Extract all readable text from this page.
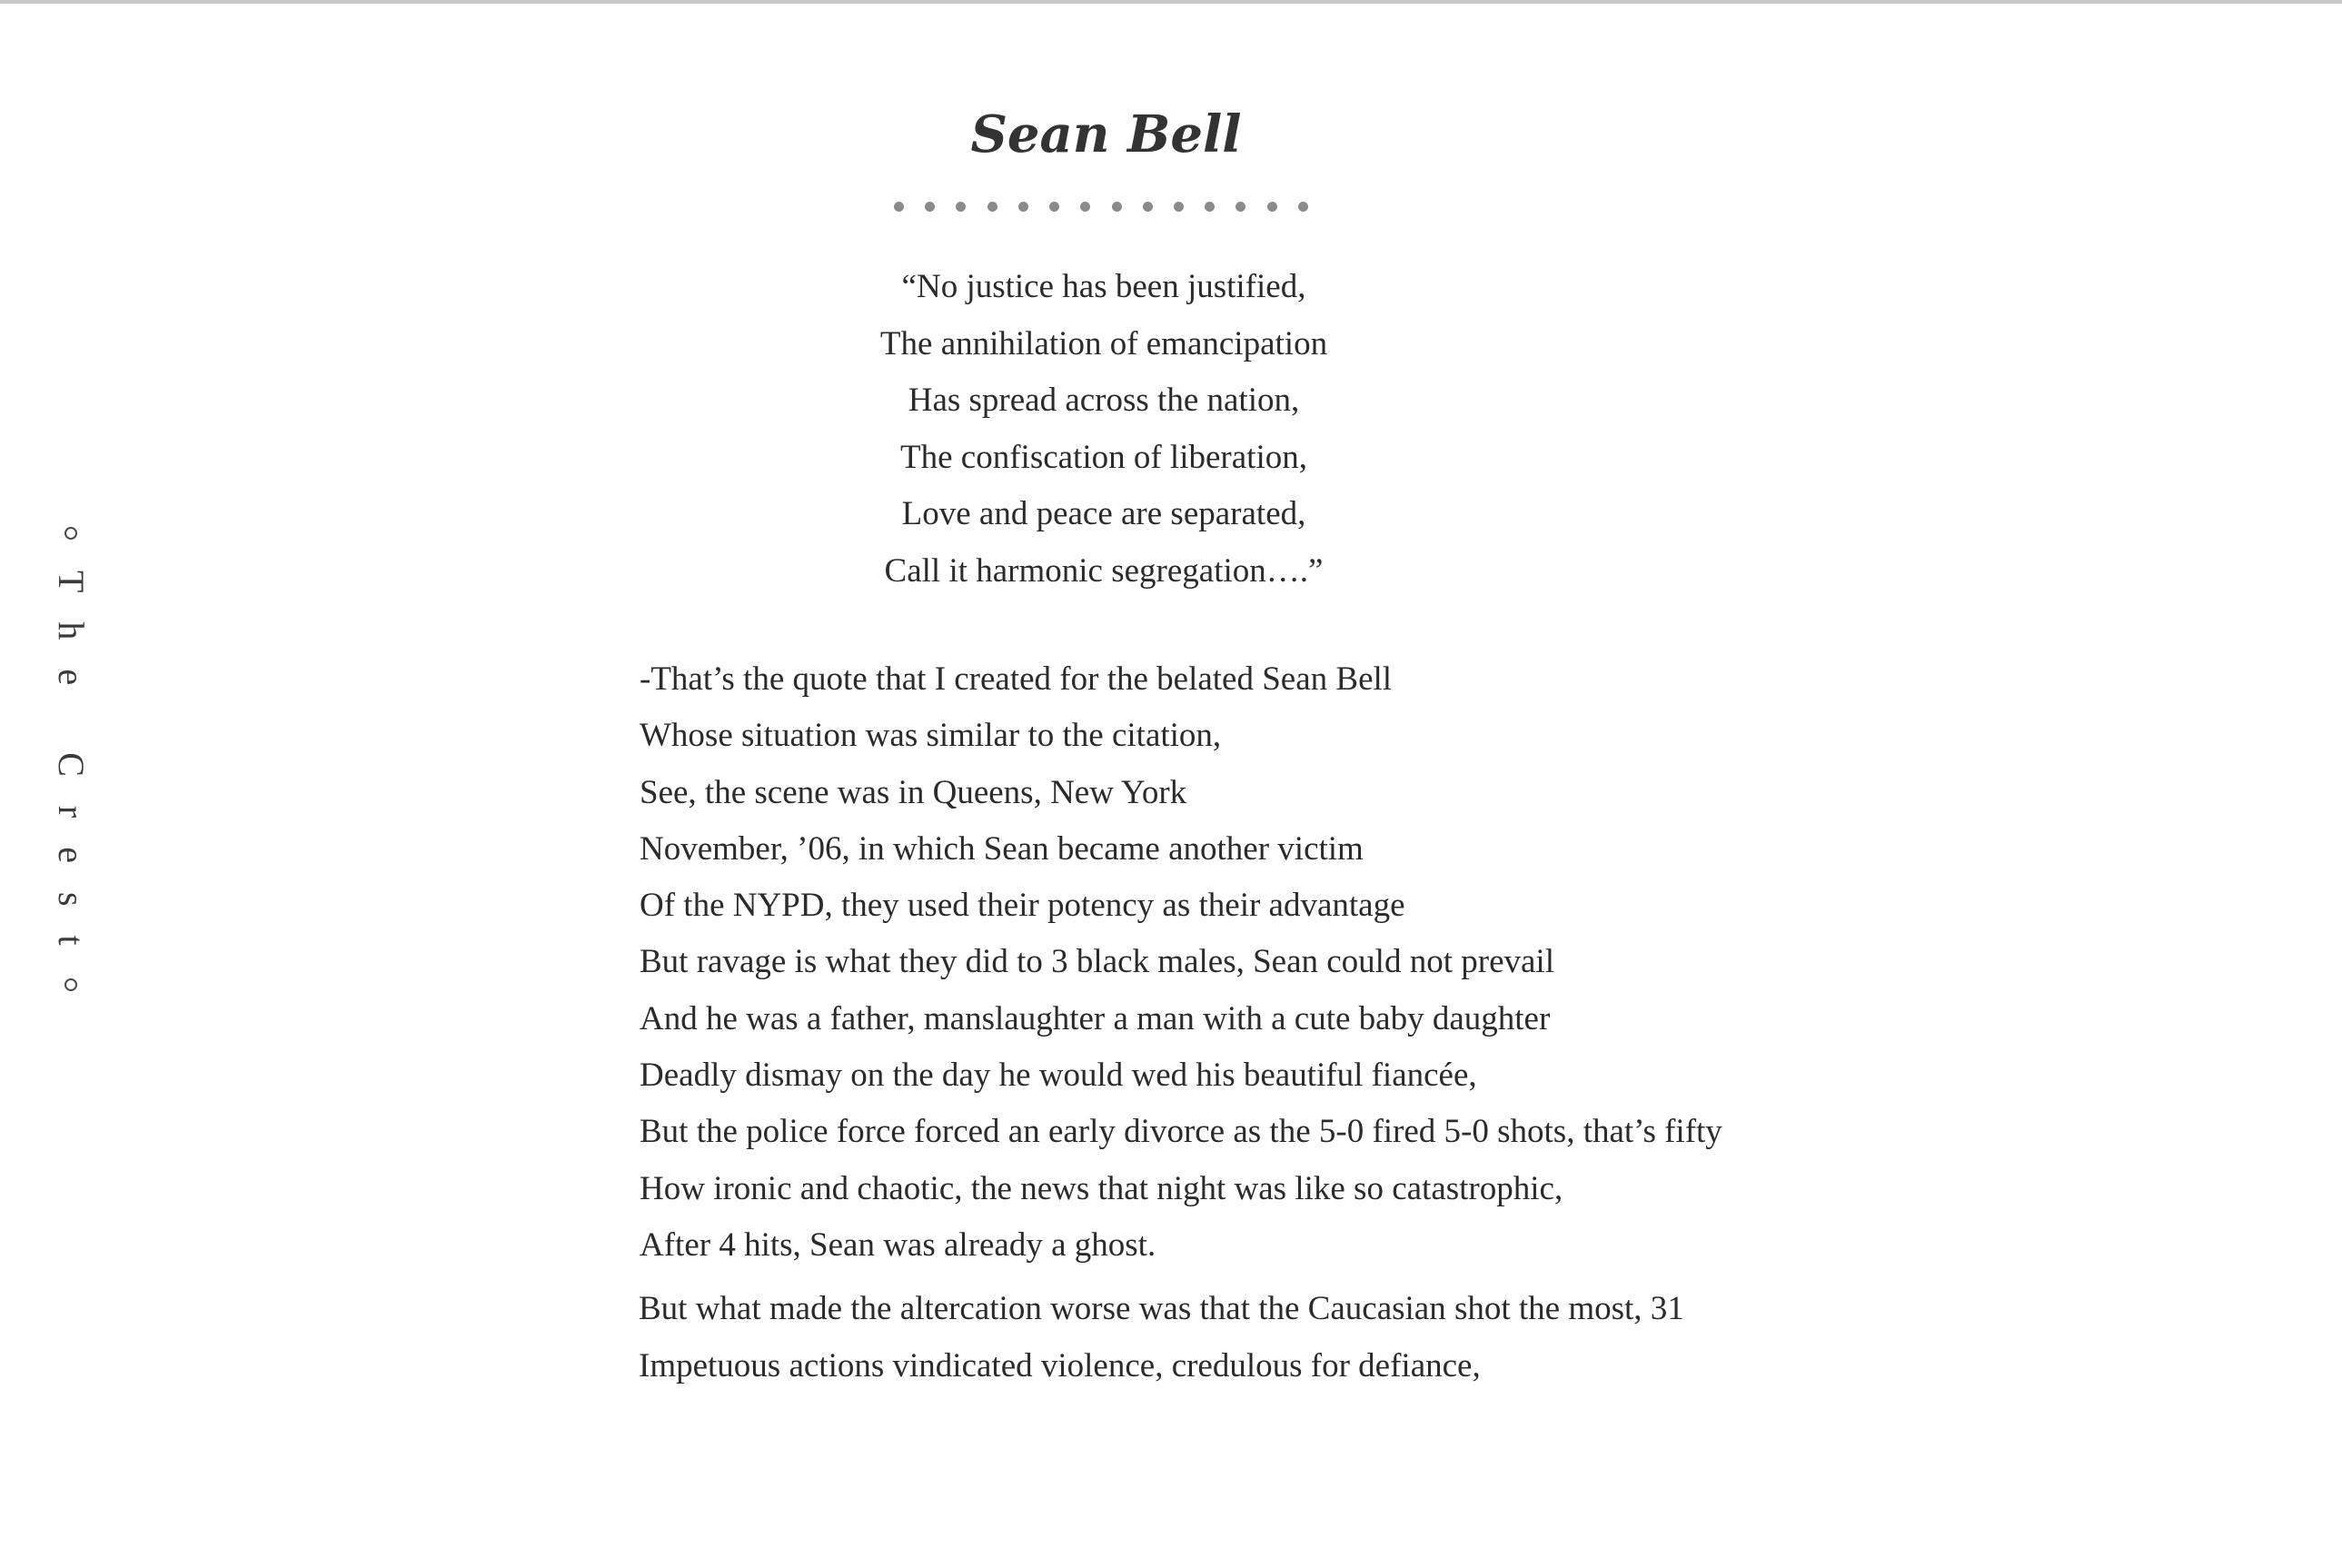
The Crest
Sean Bell
“No justice has been justified,
The annihilation of emancipation
Has spread across the nation,
The confiscation of liberation,
Love and peace are separated,
Call it harmonic segregation….”
-That’s the quote that I created for the belated Sean Bell
Whose situation was similar to the citation,
See, the scene was in Queens, New York
November, ’06, in which Sean became another victim
Of the NYPD, they used their potency as their advantage
But ravage is what they did to 3 black males, Sean could not prevail
And he was a father, manslaughter a man with a cute baby daughter
Deadly dismay on the day he would wed his beautiful fiancée,
But the police force forced an early divorce as the 5-0 fired 5-0 shots, that’s fifty
How ironic and chaotic, the news that night was like so catastrophic,
After 4 hits, Sean was already a ghost.
But what made the altercation worse was that the Caucasian shot the most, 31
Impetuous actions vindicated violence, credulous for defiance,
